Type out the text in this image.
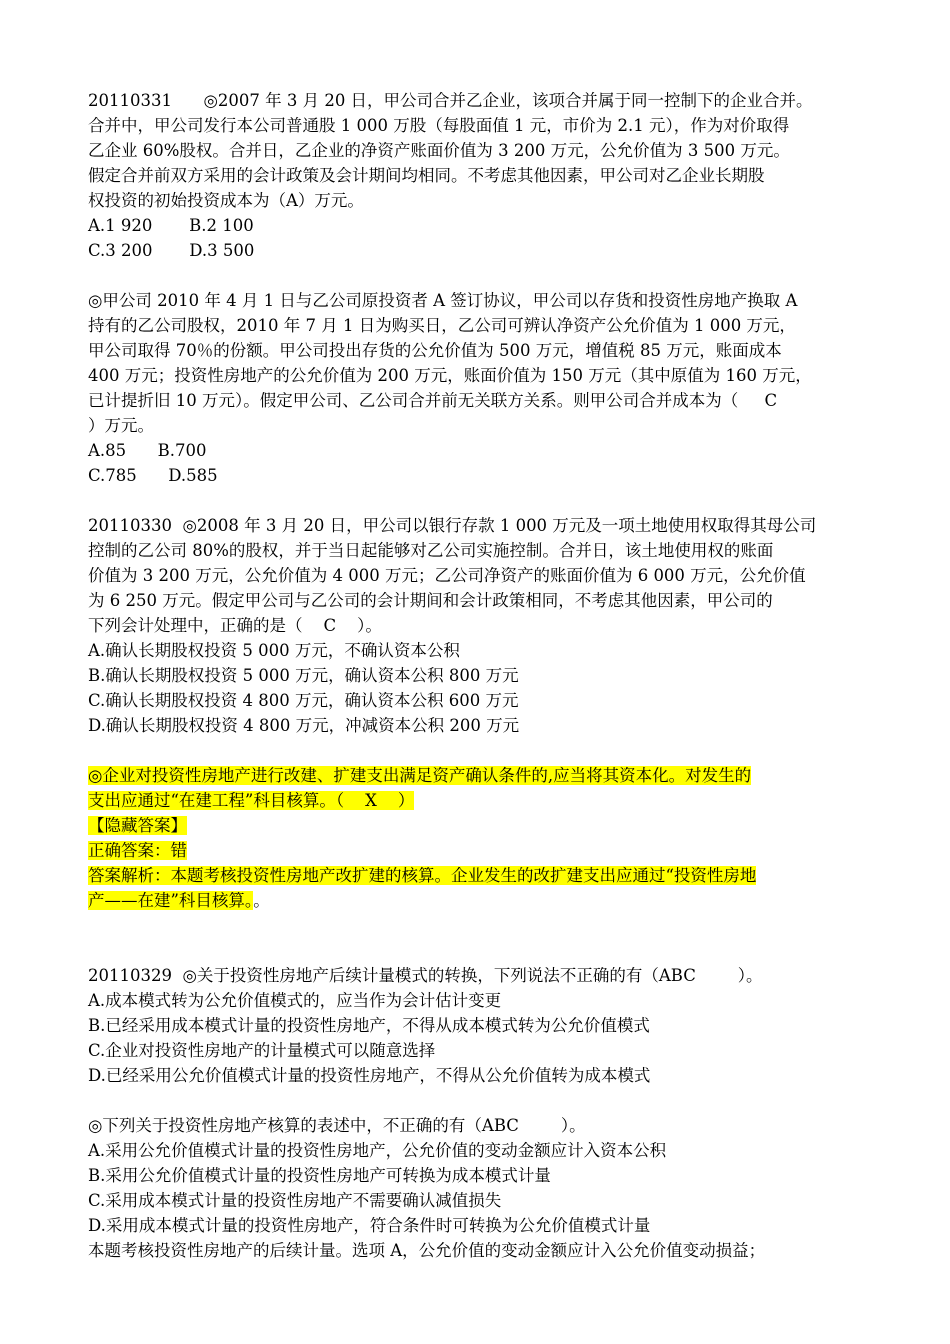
20110331      ◎2007 年 3 月 20 日，甲公司合并乙企业，该项合并属于同一控制下的企业合并。
合并中，甲公司发行本公司普通股 1 000 万股（每股面值 1 元，市价为 2.1 元），作为对价取得
乙企业 60%股权。合并日，乙企业的净资产账面价值为 3 200 万元，公允价值为 3 500 万元。
假定合并前双方采用的会计政策及会计期间均相同。不考虑其他因素，甲公司对乙企业长期股
权投资的初始投资成本为（A）万元。
A.1 920       B.2 100
C.3 200       D.3 500
◎甲公司 2010 年 4 月 1 日与乙公司原投资者 A 签订协议，甲公司以存货和投资性房地产换取 A
持有的乙公司股权，2010 年 7 月 1 日为购买日，乙公司可辨认净资产公允价值为 1 000 万元，
甲公司取得 70％的份额。甲公司投出存货的公允价值为 500 万元，增值税 85 万元，账面成本
400 万元；投资性房地产的公允价值为 200 万元，账面价值为 150 万元（其中原值为 160 万元，
已计提折旧 10 万元）。假定甲公司、乙公司合并前无关联方关系。则甲公司合并成本为（     C
）万元。
A.85      B.700
C.785      D.585
20110330  ◎2008 年 3 月 20 日，甲公司以银行存款 1 000 万元及一项土地使用权取得其母公司
控制的乙公司 80%的股权，并于当日起能够对乙公司实施控制。合并日，该土地使用权的账面
价值为 3 200 万元，公允价值为 4 000 万元；乙公司净资产的账面价值为 6 000 万元，公允价值
为 6 250 万元。假定甲公司与乙公司的会计期间和会计政策相同，不考虑其他因素，甲公司的
下列会计处理中，正确的是（    C    ）。
A.确认长期股权投资 5 000 万元，不确认资本公积
B.确认长期股权投资 5 000 万元，确认资本公积 800 万元
C.确认长期股权投资 4 800 万元，确认资本公积 600 万元
D.确认长期股权投资 4 800 万元，冲减资本公积 200 万元
◎企业对投资性房地产进行改建、扩建支出满足资产确认条件的,应当将其资本化。对发生的
支出应通过“在建工程”科目核算。（    X    ）
【隐藏答案】
正确答案：错
答案解析：本题考核投资性房地产改扩建的核算。企业发生的改扩建支出应通过“投资性房地
产——在建”科目核算。。
20110329  ◎关于投资性房地产后续计量模式的转换，下列说法不正确的有（ABC        ）。
A.成本模式转为公允价值模式的，应当作为会计估计变更
B.已经采用成本模式计量的投资性房地产，不得从成本模式转为公允价值模式
C.企业对投资性房地产的计量模式可以随意选择
D.已经采用公允价值模式计量的投资性房地产，不得从公允价值转为成本模式
◎下列关于投资性房地产核算的表述中，不正确的有（ABC        ）。
A.采用公允价值模式计量的投资性房地产，公允价值的变动金额应计入资本公积
B.采用公允价值模式计量的投资性房地产可转换为成本模式计量
C.采用成本模式计量的投资性房地产不需要确认减值损失
D.采用成本模式计量的投资性房地产，符合条件时可转换为公允价值模式计量
本题考核投资性房地产的后续计量。选项 A，公允价值的变动金额应计入公允价值变动损益；
